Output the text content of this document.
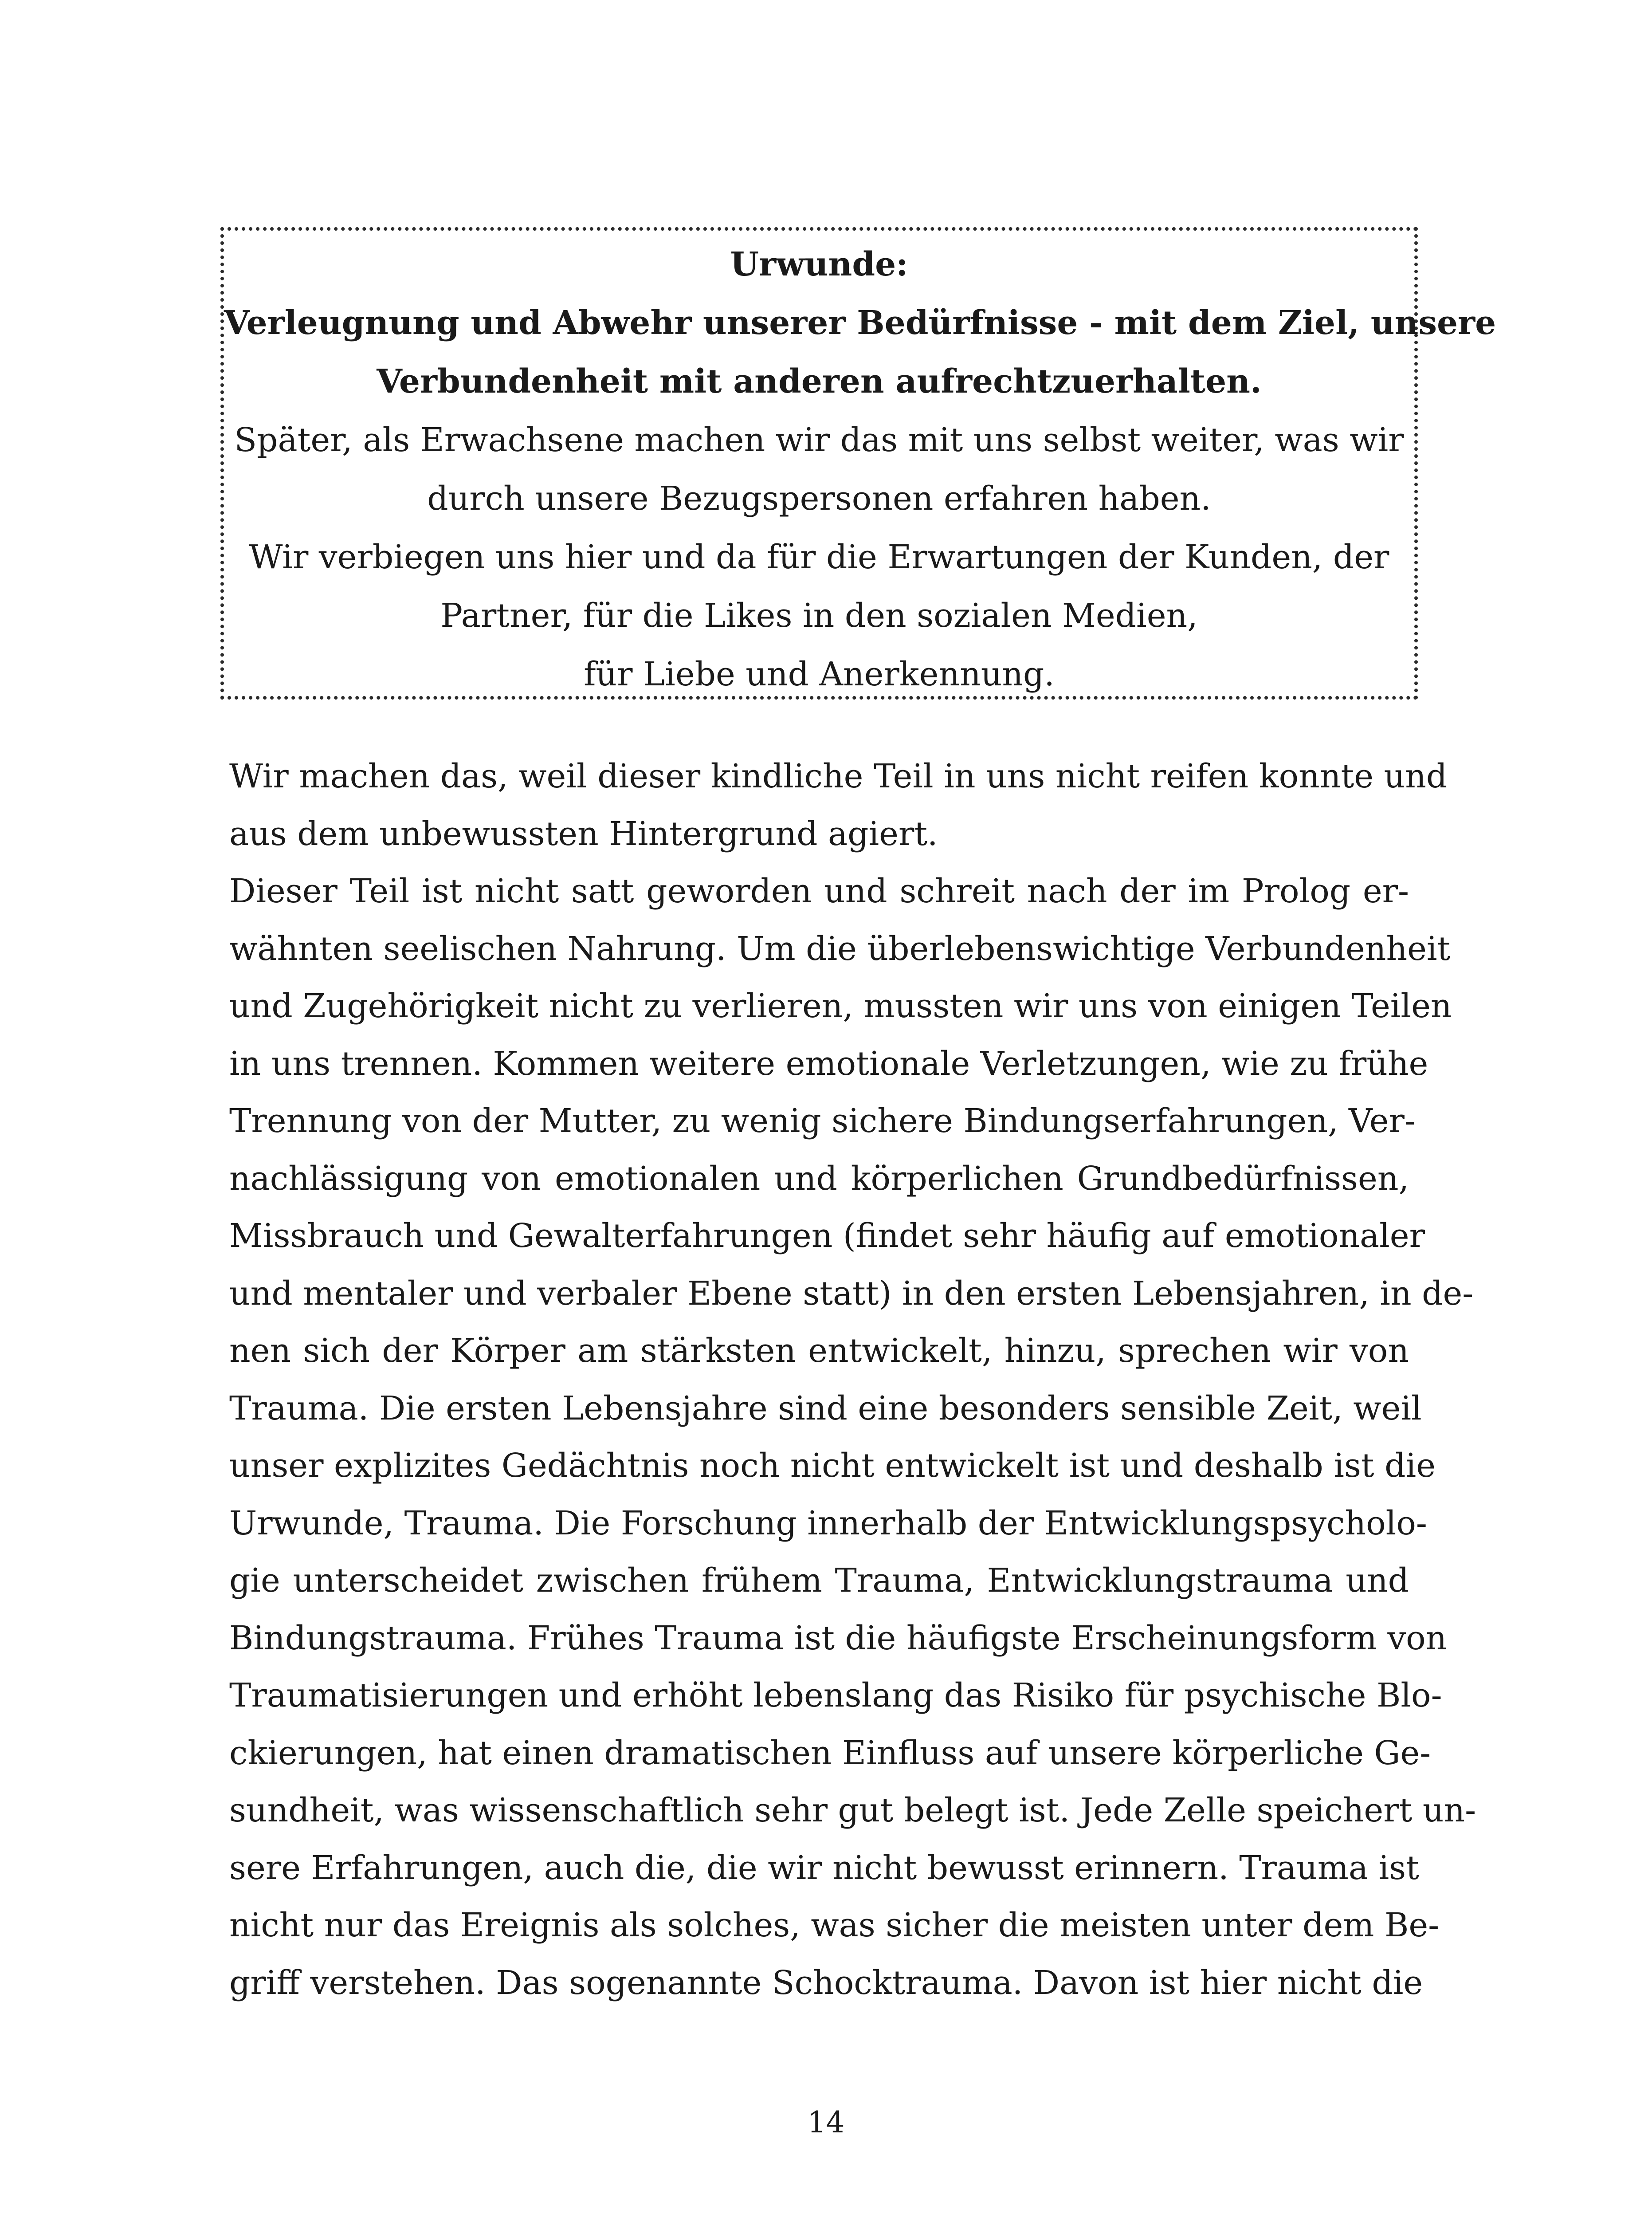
Urwunde:
Verleugnung und Abwehr unserer Bedürfnisse - mit dem Ziel, unsere
Verbundenheit mit anderen aufrechtzuerhalten.
Später, als Erwachsene machen wir das mit uns selbst weiter, was wir
durch unsere Bezugspersonen erfahren haben.
Wir verbiegen uns hier und da für die Erwartungen der Kunden, der
Partner, für die Likes in den sozialen Medien,
für Liebe und Anerkennung.
Wir machen das, weil dieser kindliche Teil in uns nicht reifen konnte und
aus dem unbewussten Hintergrund agiert.
Dieser Teil ist nicht satt geworden und schreit nach der im Prolog er-
wähnten seelischen Nahrung. Um die überlebenswichtige Verbundenheit
und Zugehörigkeit nicht zu verlieren, mussten wir uns von einigen Teilen
in uns trennen. Kommen weitere emotionale Verletzungen, wie zu frühe
Trennung von der Mutter, zu wenig sichere Bindungserfahrungen, Ver-
nachlässigung von emotionalen und körperlichen Grundbedürfnissen,
Missbrauch und Gewalterfahrungen (findet sehr häufig auf emotionaler
und mentaler und verbaler Ebene statt) in den ersten Lebensjahren, in de-
nen sich der Körper am stärksten entwickelt, hinzu, sprechen wir von
Trauma. Die ersten Lebensjahre sind eine besonders sensible Zeit, weil
unser explizites Gedächtnis noch nicht entwickelt ist und deshalb ist die
Urwunde, Trauma. Die Forschung innerhalb der Entwicklungspsycholo-
gie unterscheidet zwischen frühem Trauma, Entwicklungstrauma und
Bindungstrauma. Frühes Trauma ist die häufigste Erscheinungsform von
Traumatisierungen und erhöht lebenslang das Risiko für psychische Blo-
ckierungen, hat einen dramatischen Einfluss auf unsere körperliche Ge-
sundheit, was wissenschaftlich sehr gut belegt ist. Jede Zelle speichert un-
sere Erfahrungen, auch die, die wir nicht bewusst erinnern. Trauma ist
nicht nur das Ereignis als solches, was sicher die meisten unter dem Be-
griff verstehen. Das sogenannte Schocktrauma. Davon ist hier nicht die
14
